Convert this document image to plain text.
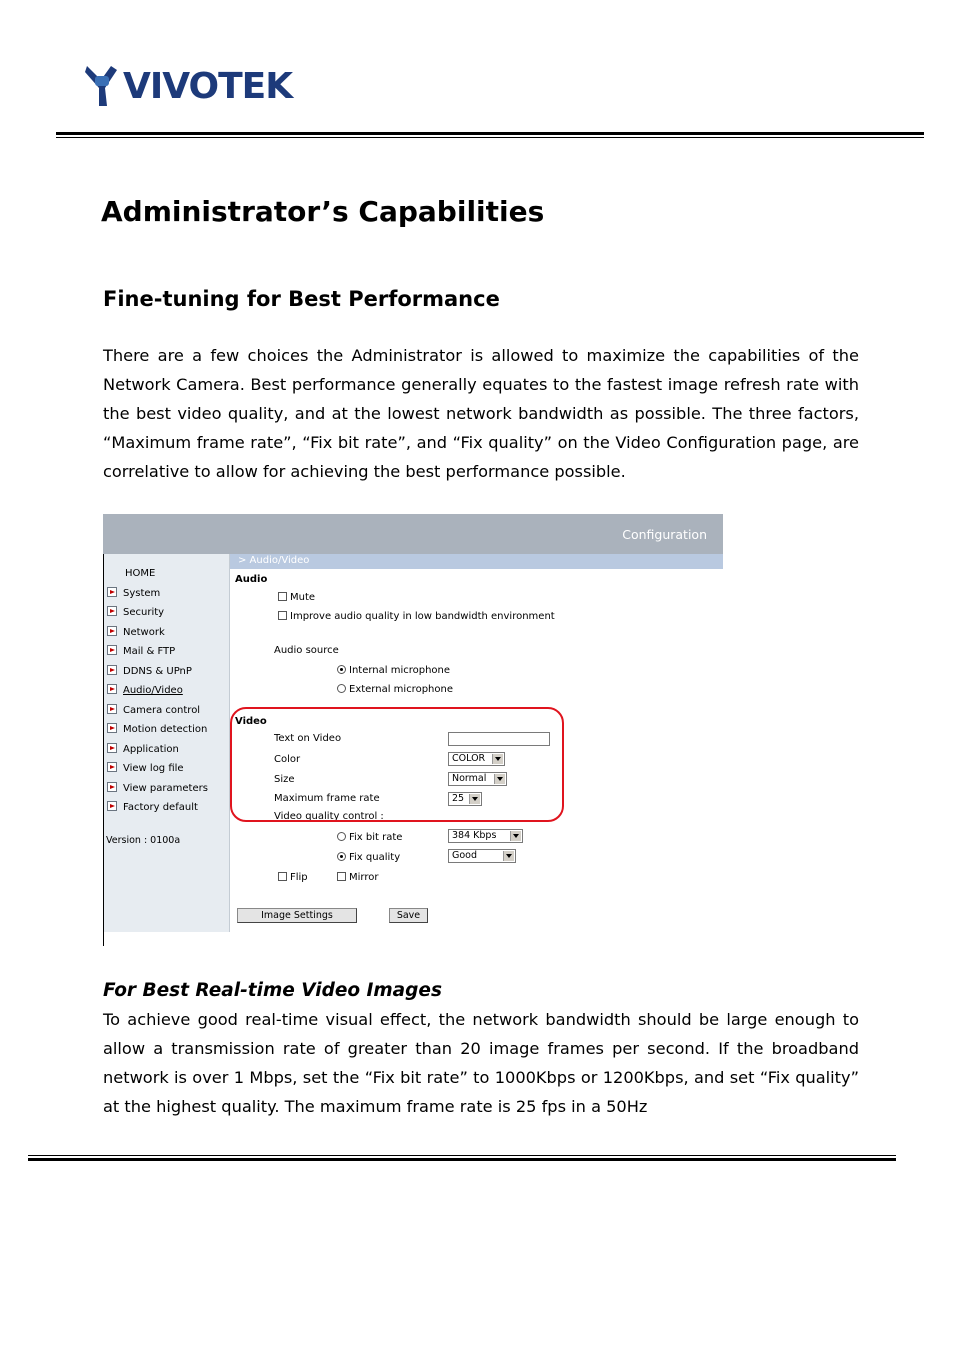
VIVOTEK
Administrator’s Capabilities
Fine-tuning for Best Performance

There are a few choices the Administrator is allowed to maximize the capabilities of the Network Camera. Best performance generally equates to the fastest image refresh rate with the best video quality, and at the lowest network bandwidth as possible. The three factors, “Maximum frame rate”, “Fix bit rate”, and “Fix quality” on the Video Configuration page, are correlative to allow for achieving the best performance possible.

Configuration
> Audio/Video
HOME
System
Security
Network
Mail & FTP
DDNS & UPnP
Audio/Video
Camera control
Motion detection
Application
View log file
View parameters
Factory default
Version : 0100a
Audio
Mute
Improve audio quality in low bandwidth environment
Audio source
Internal microphone
External microphone
Video
Text on Video
Color	COLOR
Size	Normal
Maximum frame rate	25
Video quality control :
Fix bit rate	384 Kbps
Fix quality	Good
Flip	Mirror
Image Settings	Save
For Best Real-time Video Images

To achieve good real-time visual effect, the network bandwidth should be large enough to allow a transmission rate of greater than 20 image frames per second. If the broadband network is over 1 Mbps, set the “Fix bit rate” to 1000Kbps or 1200Kbps, and set “Fix quality” at the highest quality. The maximum frame rate is 25 fps in a 50Hz
